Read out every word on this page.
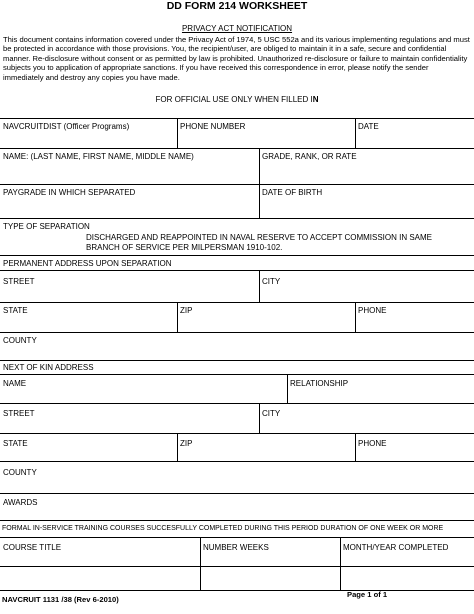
DD FORM 214 WORKSHEET
PRIVACY ACT NOTIFICATION
This document contains information covered under the Privacy Act of 1974, 5 USC 552a and its various implementing regulations and must be protected in accordance with those provisions. You, the recipient/user, are obliged to maintain it in a safe, secure and confidential manner. Re-disclosure without consent or as permitted by law is prohibited. Unauthorized re-disclosure or failure to maintain confidentiality subjects you to application of appropriate sanctions. If you have received this correspondence in error, please notify the sender immediately and destroy any copies you have made.
FOR OFFICIAL USE ONLY WHEN FILLED IN
NAVCRUITDIST (Officer Programs)	PHONE NUMBER	DATE
NAME: (LAST NAME, FIRST NAME, MIDDLE NAME)	GRADE, RANK, OR RATE
PAYGRADE IN WHICH SEPARATED	DATE OF BIRTH
TYPE OF SEPARATION
DISCHARGED AND REAPPOINTED IN NAVAL RESERVE TO ACCEPT COMMISSION IN SAME BRANCH OF SERVICE PER MILPERSMAN 1910-102.
PERMANENT ADDRESS UPON SEPARATION
STREET	CITY
STATE	ZIP	PHONE
COUNTY
NEXT OF KIN ADDRESS
NAME	RELATIONSHIP
STREET	CITY
STATE	ZIP	PHONE
COUNTY
AWARDS
FORMAL IN-SERVICE TRAINING COURSES SUCCESFULLY COMPLETED DURING THIS PERIOD DURATION OF ONE WEEK OR MORE
COURSE TITLE	NUMBER WEEKS	MONTH/YEAR COMPLETED
NAVCRUIT 1131 /38 (Rev 6-2010)
Page 1 of 1
